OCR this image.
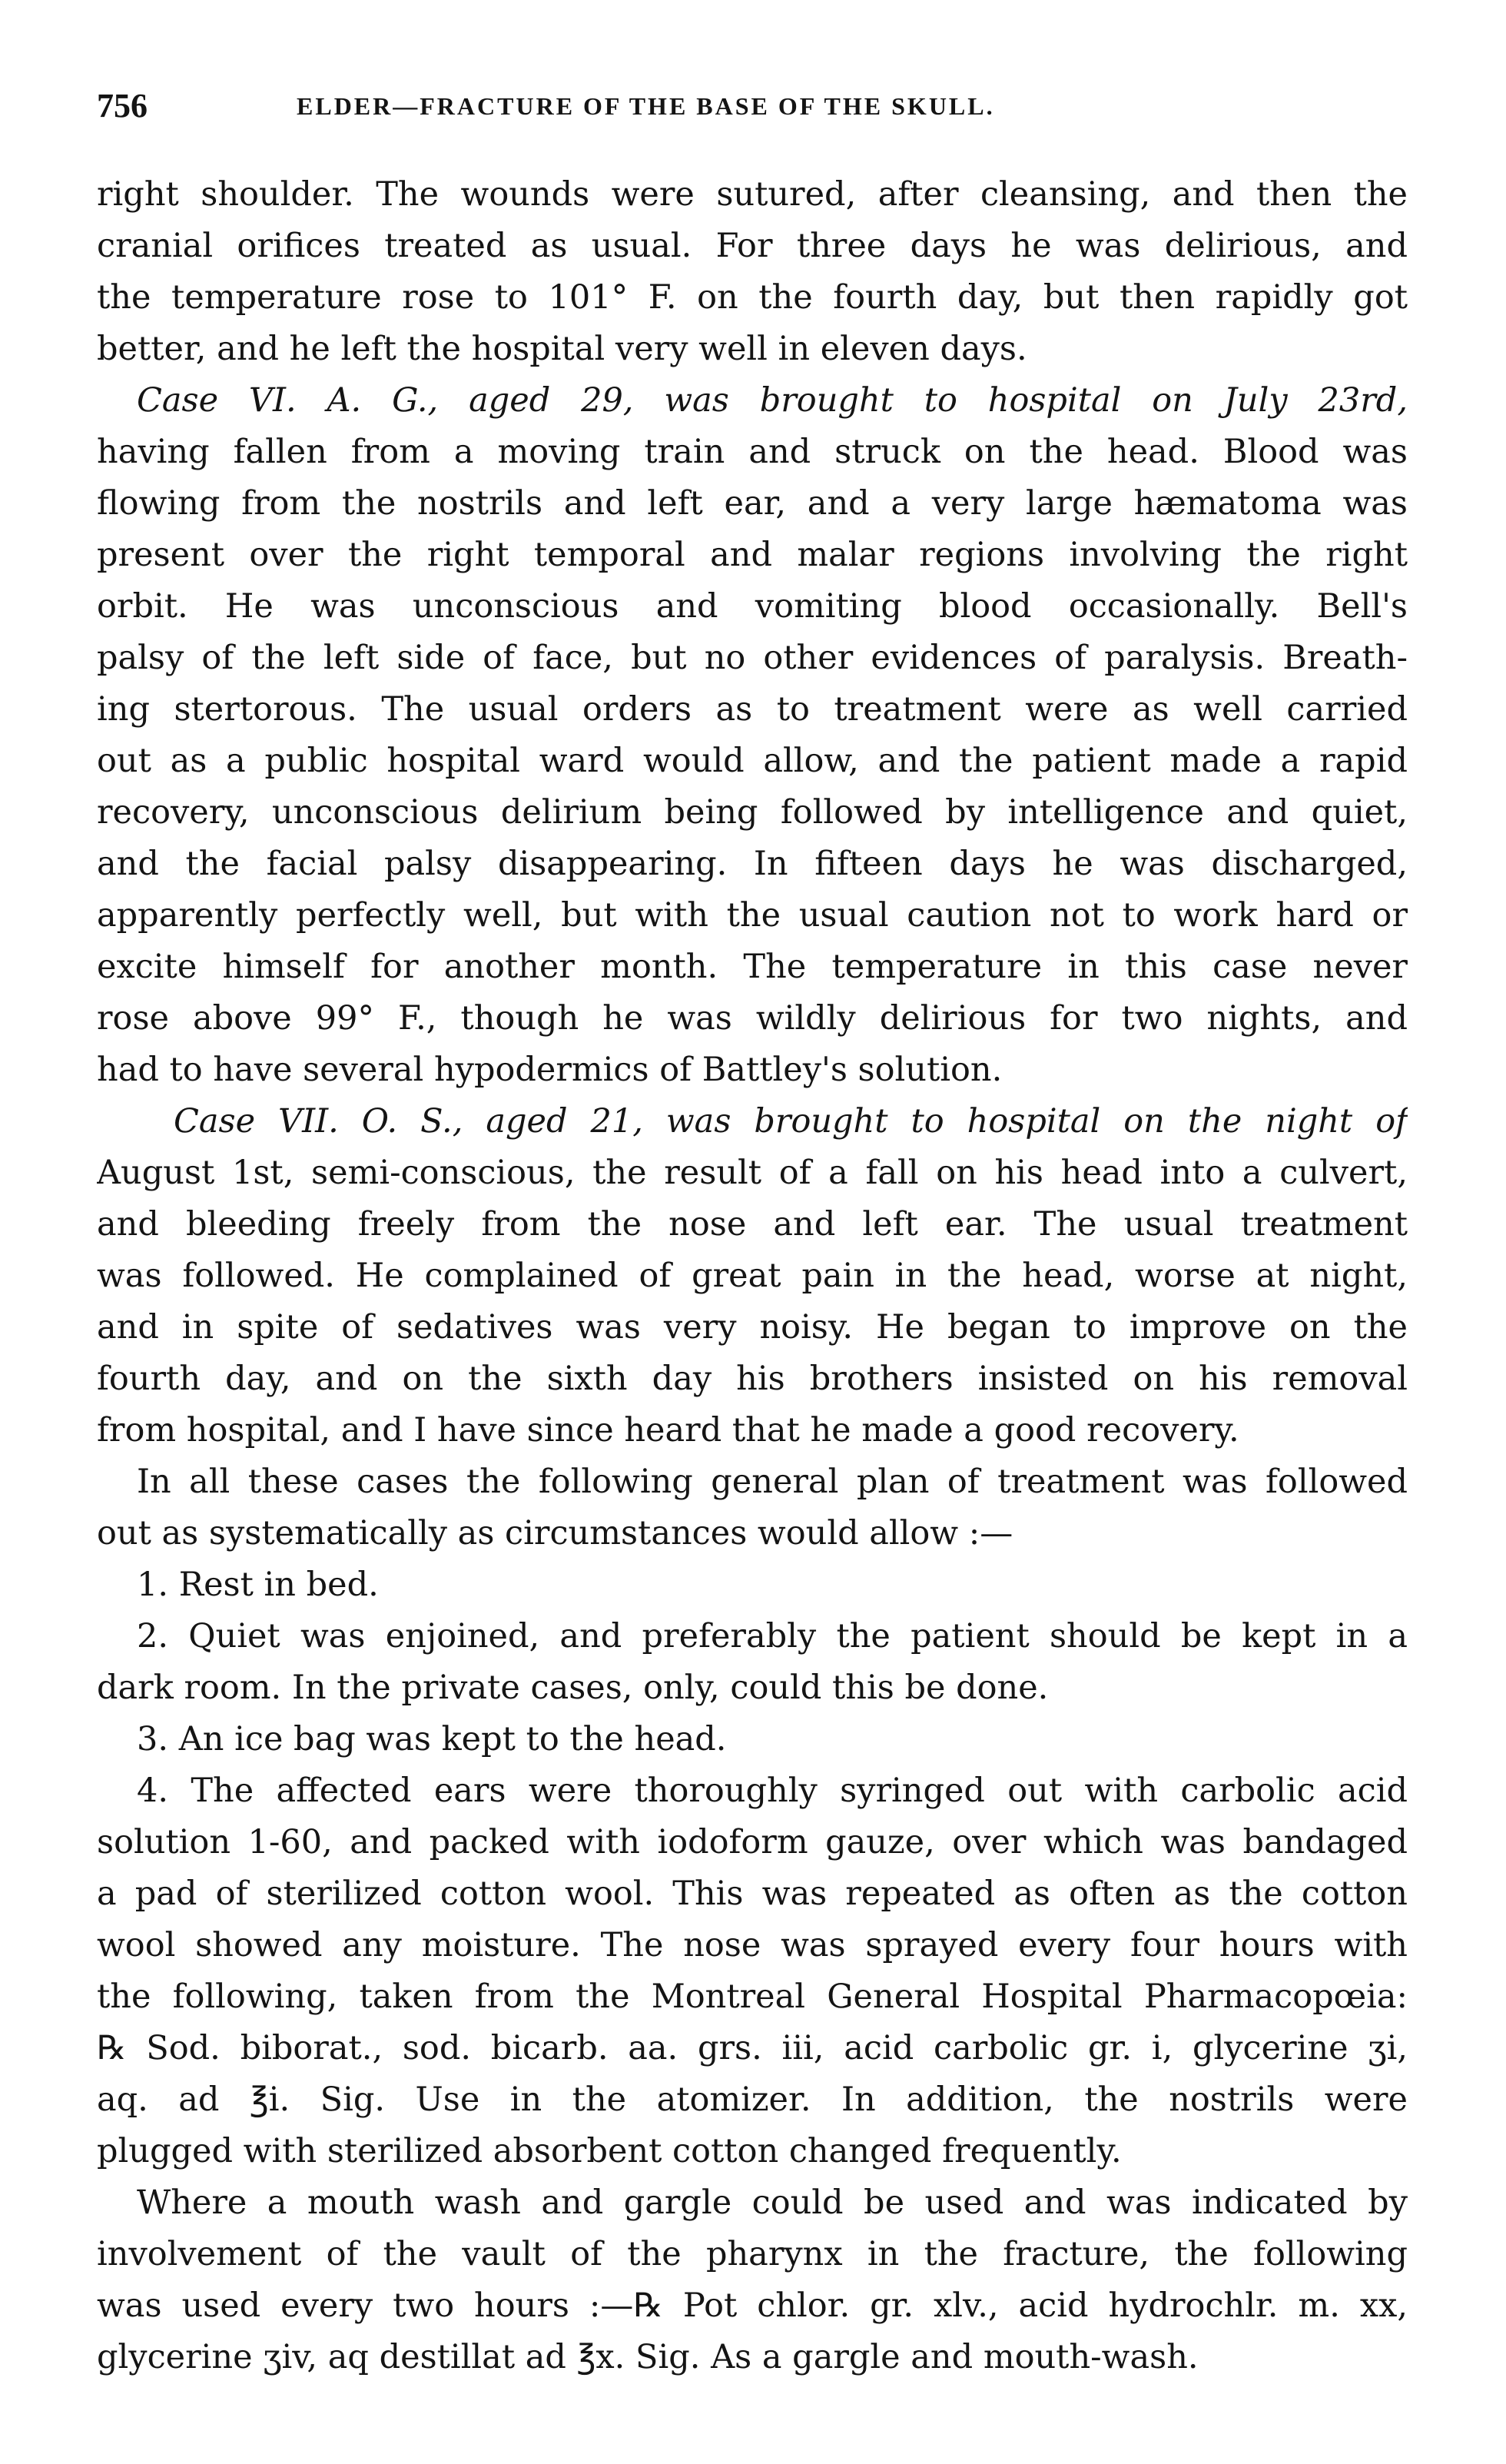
756	ELDER—FRACTURE OF THE BASE OF THE SKULL.
right shoulder. The wounds were sutured, after cleansing, and then the
cranial orifices treated as usual. For three days he was delirious, and
the temperature rose to 101° F. on the fourth day, but then rapidly got
better, and he left the hospital very well in eleven days.
Case VI. A. G., aged 29, was brought to hospital on July 23rd,
having fallen from a moving train and struck on the head. Blood was
flowing from the nostrils and left ear, and a very large hæmatoma was
present over the right temporal and malar regions involving the right
orbit. He was unconscious and vomiting blood occasionally. Bell's
palsy of the left side of face, but no other evidences of paralysis. Breath-
ing stertorous. The usual orders as to treatment were as well carried
out as a public hospital ward would allow, and the patient made a rapid
recovery, unconscious delirium being followed by intelligence and quiet,
and the facial palsy disappearing. In fifteen days he was discharged,
apparently perfectly well, but with the usual caution not to work hard or
excite himself for another month. The temperature in this case never
rose above 99° F., though he was wildly delirious for two nights, and
had to have several hypodermics of Battley's solution.
Case VII. O. S., aged 21, was brought to hospital on the night of
August 1st, semi-conscious, the result of a fall on his head into a culvert,
and bleeding freely from the nose and left ear. The usual treatment
was followed. He complained of great pain in the head, worse at night,
and in spite of sedatives was very noisy. He began to improve on the
fourth day, and on the sixth day his brothers insisted on his removal
from hospital, and I have since heard that he made a good recovery.
In all these cases the following general plan of treatment was followed
out as systematically as circumstances would allow :—
1. Rest in bed.
2. Quiet was enjoined, and preferably the patient should be kept in a
dark room. In the private cases, only, could this be done.
3. An ice bag was kept to the head.
4. The affected ears were thoroughly syringed out with carbolic acid
solution 1-60, and packed with iodoform gauze, over which was bandaged
a pad of sterilized cotton wool. This was repeated as often as the cotton
wool showed any moisture. The nose was sprayed every four hours with
the following, taken from the Montreal General Hospital Pharmacopœia:
℞ Sod. biborat., sod. bicarb. aa. grs. iii, acid carbolic gr. i, glycerine ʒi,
aq. ad ℥i. Sig. Use in the atomizer. In addition, the nostrils were
plugged with sterilized absorbent cotton changed frequently.
Where a mouth wash and gargle could be used and was indicated by
involvement of the vault of the pharynx in the fracture, the following
was used every two hours :—℞ Pot chlor. gr. xlv., acid hydrochlr. m. xx,
glycerine ʒiv, aq destillat ad ℥x. Sig. As a gargle and mouth-wash.
